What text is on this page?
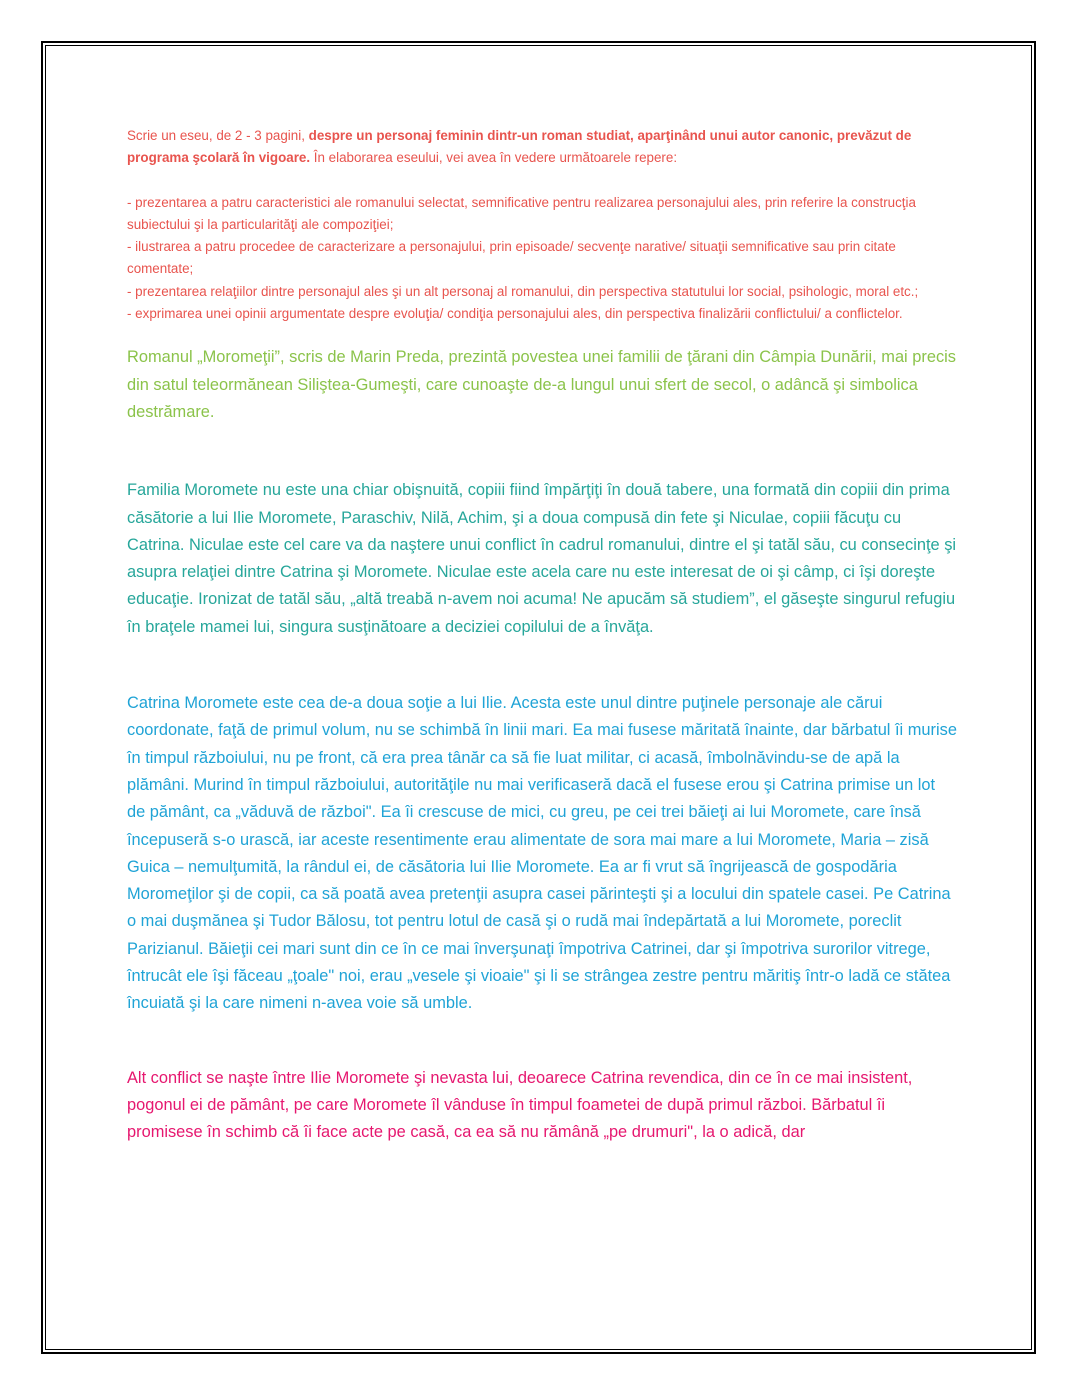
Scrie un eseu, de 2 - 3 pagini, despre un personaj feminin dintr-un roman studiat, aparţinând unui autor canonic, prevăzut de programa şcolară în vigoare. În elaborarea eseului, vei avea în vedere următoarele repere:

- prezentarea a patru caracteristici ale romanului selectat, semnificative pentru realizarea personajului ales, prin referire la construcţia subiectului şi la particularităţi ale compoziţiei;

- ilustrarea a patru procedee de caracterizare a personajului, prin episoade/ secvenţe narative/ situaţii semnificative sau prin citate comentate;

- prezentarea relaţiilor dintre personajul ales şi un alt personaj al romanului, din perspectiva statutului lor social, psihologic, moral etc.;

- exprimarea unei opinii argumentate despre evoluţia/ condiţia personajului ales, din perspectiva finalizării conflictului/ a conflictelor.

Romanul „Moromeţii”, scris de Marin Preda, prezintă povestea unei familii de ţărani din Câmpia Dunării, mai precis din satul teleormănean Siliştea-Gumeşti, care cunoaşte de-a lungul unui sfert de secol, o adâncă şi simbolica destrămare.

Familia Moromete nu este una chiar obişnuită, copiii fiind împărţiţi în două tabere, una formată din copiii din prima căsătorie a lui Ilie Moromete, Paraschiv, Nilă, Achim, şi a doua compusă din fete şi Niculae, copiii făcuţu cu Catrina. Niculae este cel care va da naştere unui conflict în cadrul romanului, dintre el şi tatăl său, cu consecinţe şi asupra relaţiei dintre Catrina şi Moromete. Niculae este acela care nu este interesat de oi şi câmp, ci îşi doreşte educaţie. Ironizat de tatăl său, „altă treabă n-avem noi acuma! Ne apucăm să studiem”, el găseşte singurul refugiu în braţele mamei lui, singura susţinătoare a deciziei copilului de a învăţa.

Catrina Moromete este cea de-a doua soţie a lui Ilie. Acesta este unul dintre puţinele personaje ale cărui coordonate, faţă de primul volum, nu se schimbă în linii mari. Ea mai fusese măritată înainte, dar bărbatul îi murise în timpul războiului, nu pe front, că era prea tânăr ca să fie luat militar, ci acasă, îmbolnăvindu-se de apă la plămâni. Murind în timpul războiului, autorităţile nu mai verificaseră dacă el fusese erou şi Catrina primise un lot de pământ, ca „văduvă de război". Ea îi crescuse de mici, cu greu, pe cei trei băieţi ai lui Moromete, care însă începuseră s-o urască, iar aceste resentimente erau alimentate de sora mai mare a lui Moromete, Maria – zisă Guica – nemulţumită, la rândul ei, de căsătoria lui Ilie Moromete. Ea ar fi vrut să îngrijească de gospodăria Moromeţilor şi de copii, ca să poată avea pretenţii asupra casei părinteşti şi a locului din spatele casei. Pe Catrina o mai duşmănea şi Tudor Bălosu, tot pentru lotul de casă şi o rudă mai îndepărtată a lui Moromete, poreclit Parizianul. Băieţii cei mari sunt din ce în ce mai înverşunaţi împotriva Catrinei, dar şi împotriva surorilor vitrege, întrucât ele îşi făceau „ţoale" noi, erau „vesele şi vioaie" şi li se strângea zestre pentru măritiş într-o ladă ce stătea încuiată şi la care nimeni n-avea voie să umble.

Alt conflict se naşte între Ilie Moromete şi nevasta lui, deoarece Catrina revendica, din ce în ce mai insistent, pogonul ei de pământ, pe care Moromete îl vânduse în timpul foametei de după primul război. Bărbatul îi promisese în schimb că îi face acte pe casă, ca ea să nu rămână „pe drumuri", la o adică, dar
